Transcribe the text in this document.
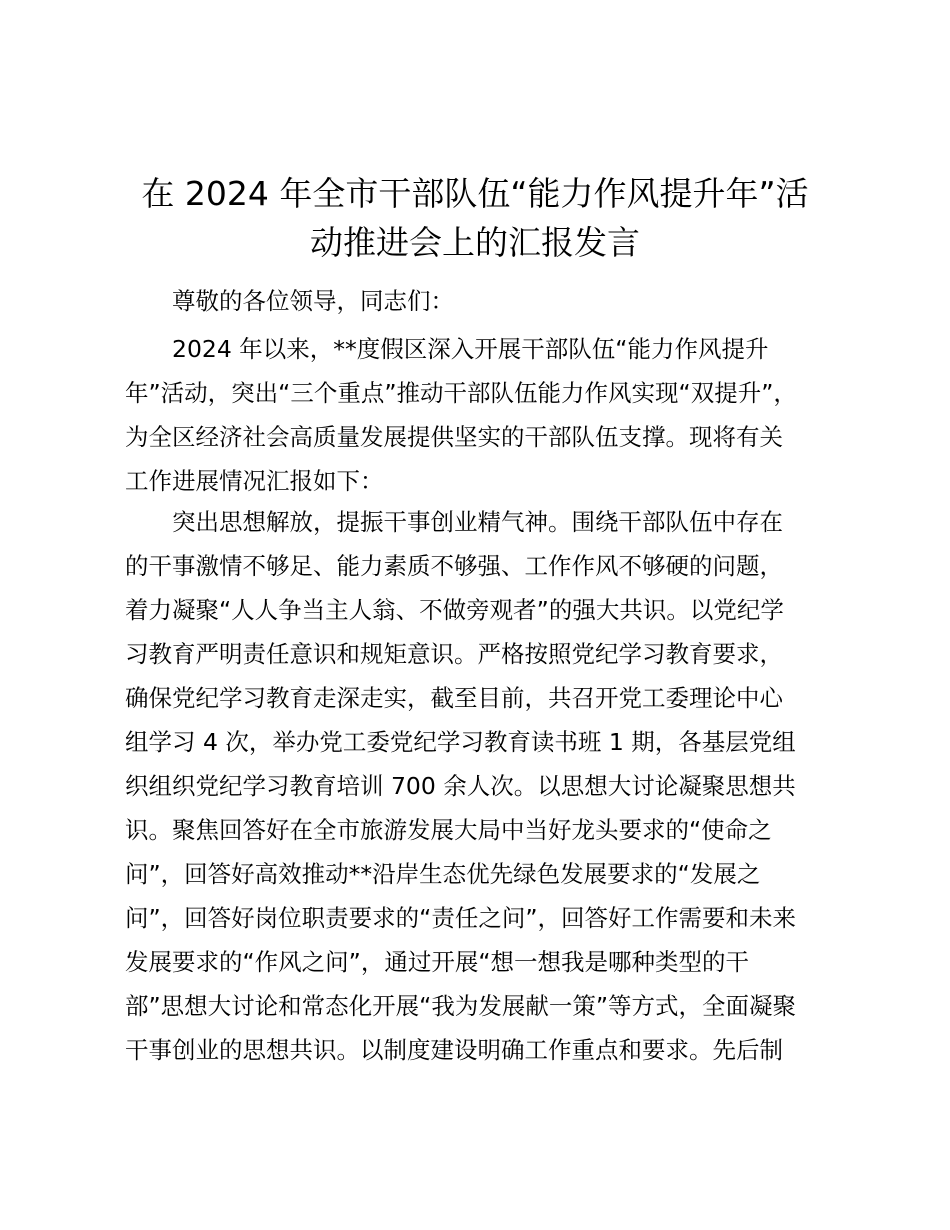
在 2024 年全市干部队伍“能力作风提升年”活
动推进会上的汇报发言

尊敬的各位领导，同志们：

2024 年以来，**度假区深入开展干部队伍“能力作风提升

年”活动，突出“三个重点”推动干部队伍能力作风实现“双提升”，

为全区经济社会高质量发展提供坚实的干部队伍支撑。现将有关

工作进展情况汇报如下：

突出思想解放，提振干事创业精气神。围绕干部队伍中存在

的干事激情不够足、能力素质不够强、工作作风不够硬的问题，

着力凝聚“人人争当主人翁、不做旁观者”的强大共识。以党纪学

习教育严明责任意识和规矩意识。严格按照党纪学习教育要求，

确保党纪学习教育走深走实，截至目前，共召开党工委理论中心

组学习 4 次，举办党工委党纪学习教育读书班 1 期，各基层党组

织组织党纪学习教育培训 700 余人次。以思想大讨论凝聚思想共

识。聚焦回答好在全市旅游发展大局中当好龙头要求的“使命之

问”，回答好高效推动**沿岸生态优先绿色发展要求的“发展之

问”，回答好岗位职责要求的“责任之问”，回答好工作需要和未来

发展要求的“作风之问”，通过开展“想一想我是哪种类型的干

部”思想大讨论和常态化开展“我为发展献一策”等方式，全面凝聚

干事创业的思想共识。以制度建设明确工作重点和要求。先后制
